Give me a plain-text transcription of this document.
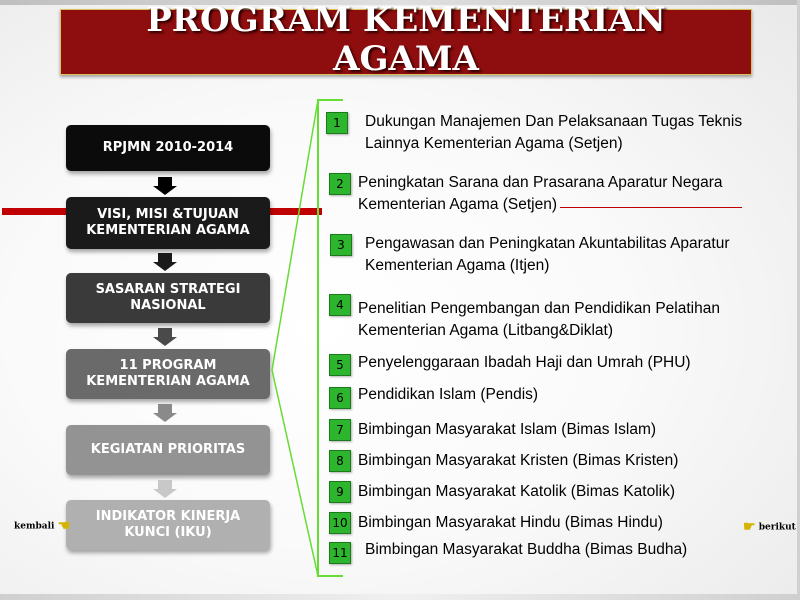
PROGRAM KEMENTERIAN
AGAMA
RPJMN 2010-2014
VISI, MISI &TUJUAN
KEMENTERIAN AGAMA
SASARAN STRATEGI
NASIONAL
11 PROGRAM
KEMENTERIAN AGAMA
KEGIATAN PRIORITAS
INDIKATOR KINERJA
KUNCI (IKU)
1	Dukungan Manajemen Dan Pelaksanaan Tugas Teknis
Lainnya Kementerian Agama (Setjen)
2 Peningkatan Sarana dan Prasarana Aparatur Negara
Kementerian Agama (Setjen)
3	Pengawasan dan Peningkatan Akuntabilitas Aparatur
Kementerian Agama (Itjen)
4 Penelitian Pengembangan dan Pendidikan Pelatihan
Kementerian Agama (Litbang&Diklat)
5 Penyelenggaraan Ibadah Haji dan Umrah (PHU)
6 Pendidikan Islam (Pendis)
7 Bimbingan Masyarakat Islam (Bimas Islam)
8 Bimbingan Masyarakat Kristen (Bimas Kristen)
9 Bimbingan Masyarakat Katolik (Bimas Katolik)
10 Bimbingan Masyarakat Hindu (Bimas Hindu)
11 Bimbingan Masyarakat Buddha (Bimas Budha)
kembali ☚	☛ berikut
